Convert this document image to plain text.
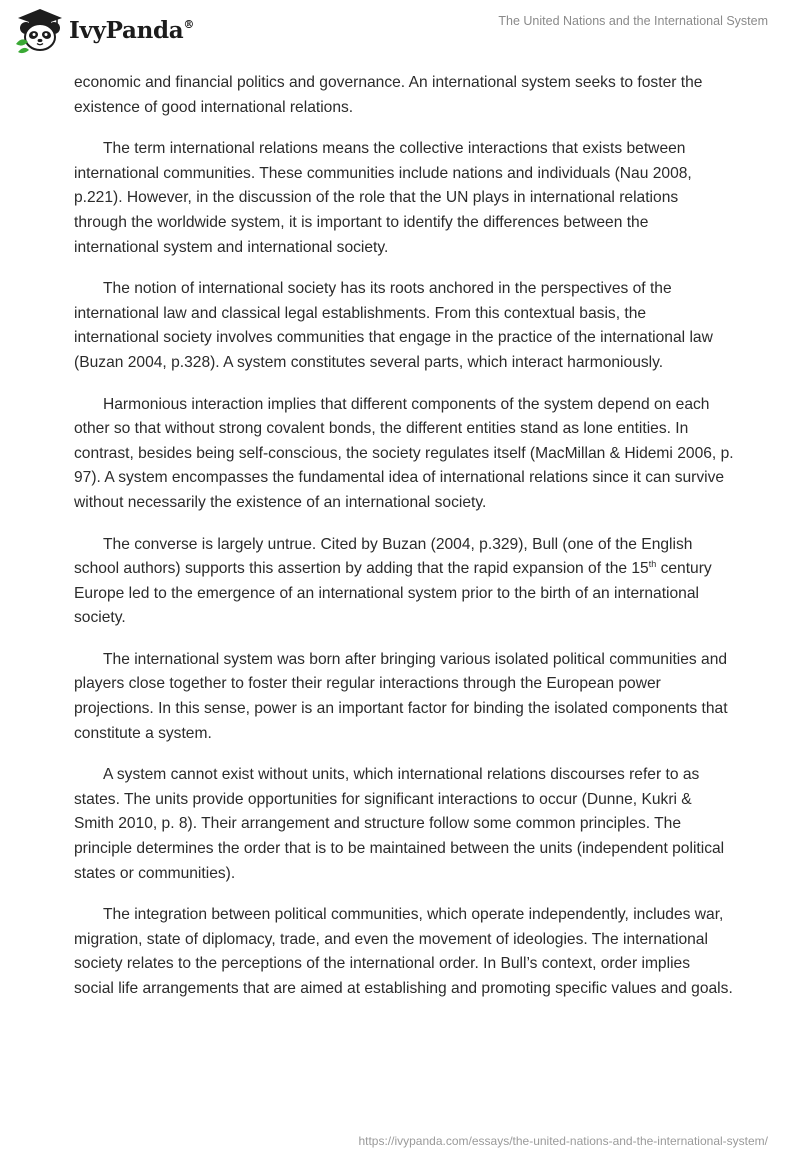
IvyPanda®	The United Nations and the International System

economic and financial politics and governance. An international system seeks to foster the existence of good international relations.

The term international relations means the collective interactions that exists between international communities. These communities include nations and individuals (Nau 2008, p.221). However, in the discussion of the role that the UN plays in international relations through the worldwide system, it is important to identify the differences between the international system and international society.

The notion of international society has its roots anchored in the perspectives of the international law and classical legal establishments. From this contextual basis, the international society involves communities that engage in the practice of the international law (Buzan 2004, p.328). A system constitutes several parts, which interact harmoniously.

Harmonious interaction implies that different components of the system depend on each other so that without strong covalent bonds, the different entities stand as lone entities. In contrast, besides being self-conscious, the society regulates itself (MacMillan & Hidemi 2006, p. 97). A system encompasses the fundamental idea of international relations since it can survive without necessarily the existence of an international society.

The converse is largely untrue. Cited by Buzan (2004, p.329), Bull (one of the English school authors) supports this assertion by adding that the rapid expansion of the 15th century Europe led to the emergence of an international system prior to the birth of an international society.

The international system was born after bringing various isolated political communities and players close together to foster their regular interactions through the European power projections. In this sense, power is an important factor for binding the isolated components that constitute a system.

A system cannot exist without units, which international relations discourses refer to as states. The units provide opportunities for significant interactions to occur (Dunne, Kukri & Smith 2010, p. 8). Their arrangement and structure follow some common principles. The principle determines the order that is to be maintained between the units (independent political states or communities).

The integration between political communities, which operate independently, includes war, migration, state of diplomacy, trade, and even the movement of ideologies. The international society relates to the perceptions of the international order. In Bull’s context, order implies social life arrangements that are aimed at establishing and promoting specific values and goals.

https://ivypanda.com/essays/the-united-nations-and-the-international-system/
